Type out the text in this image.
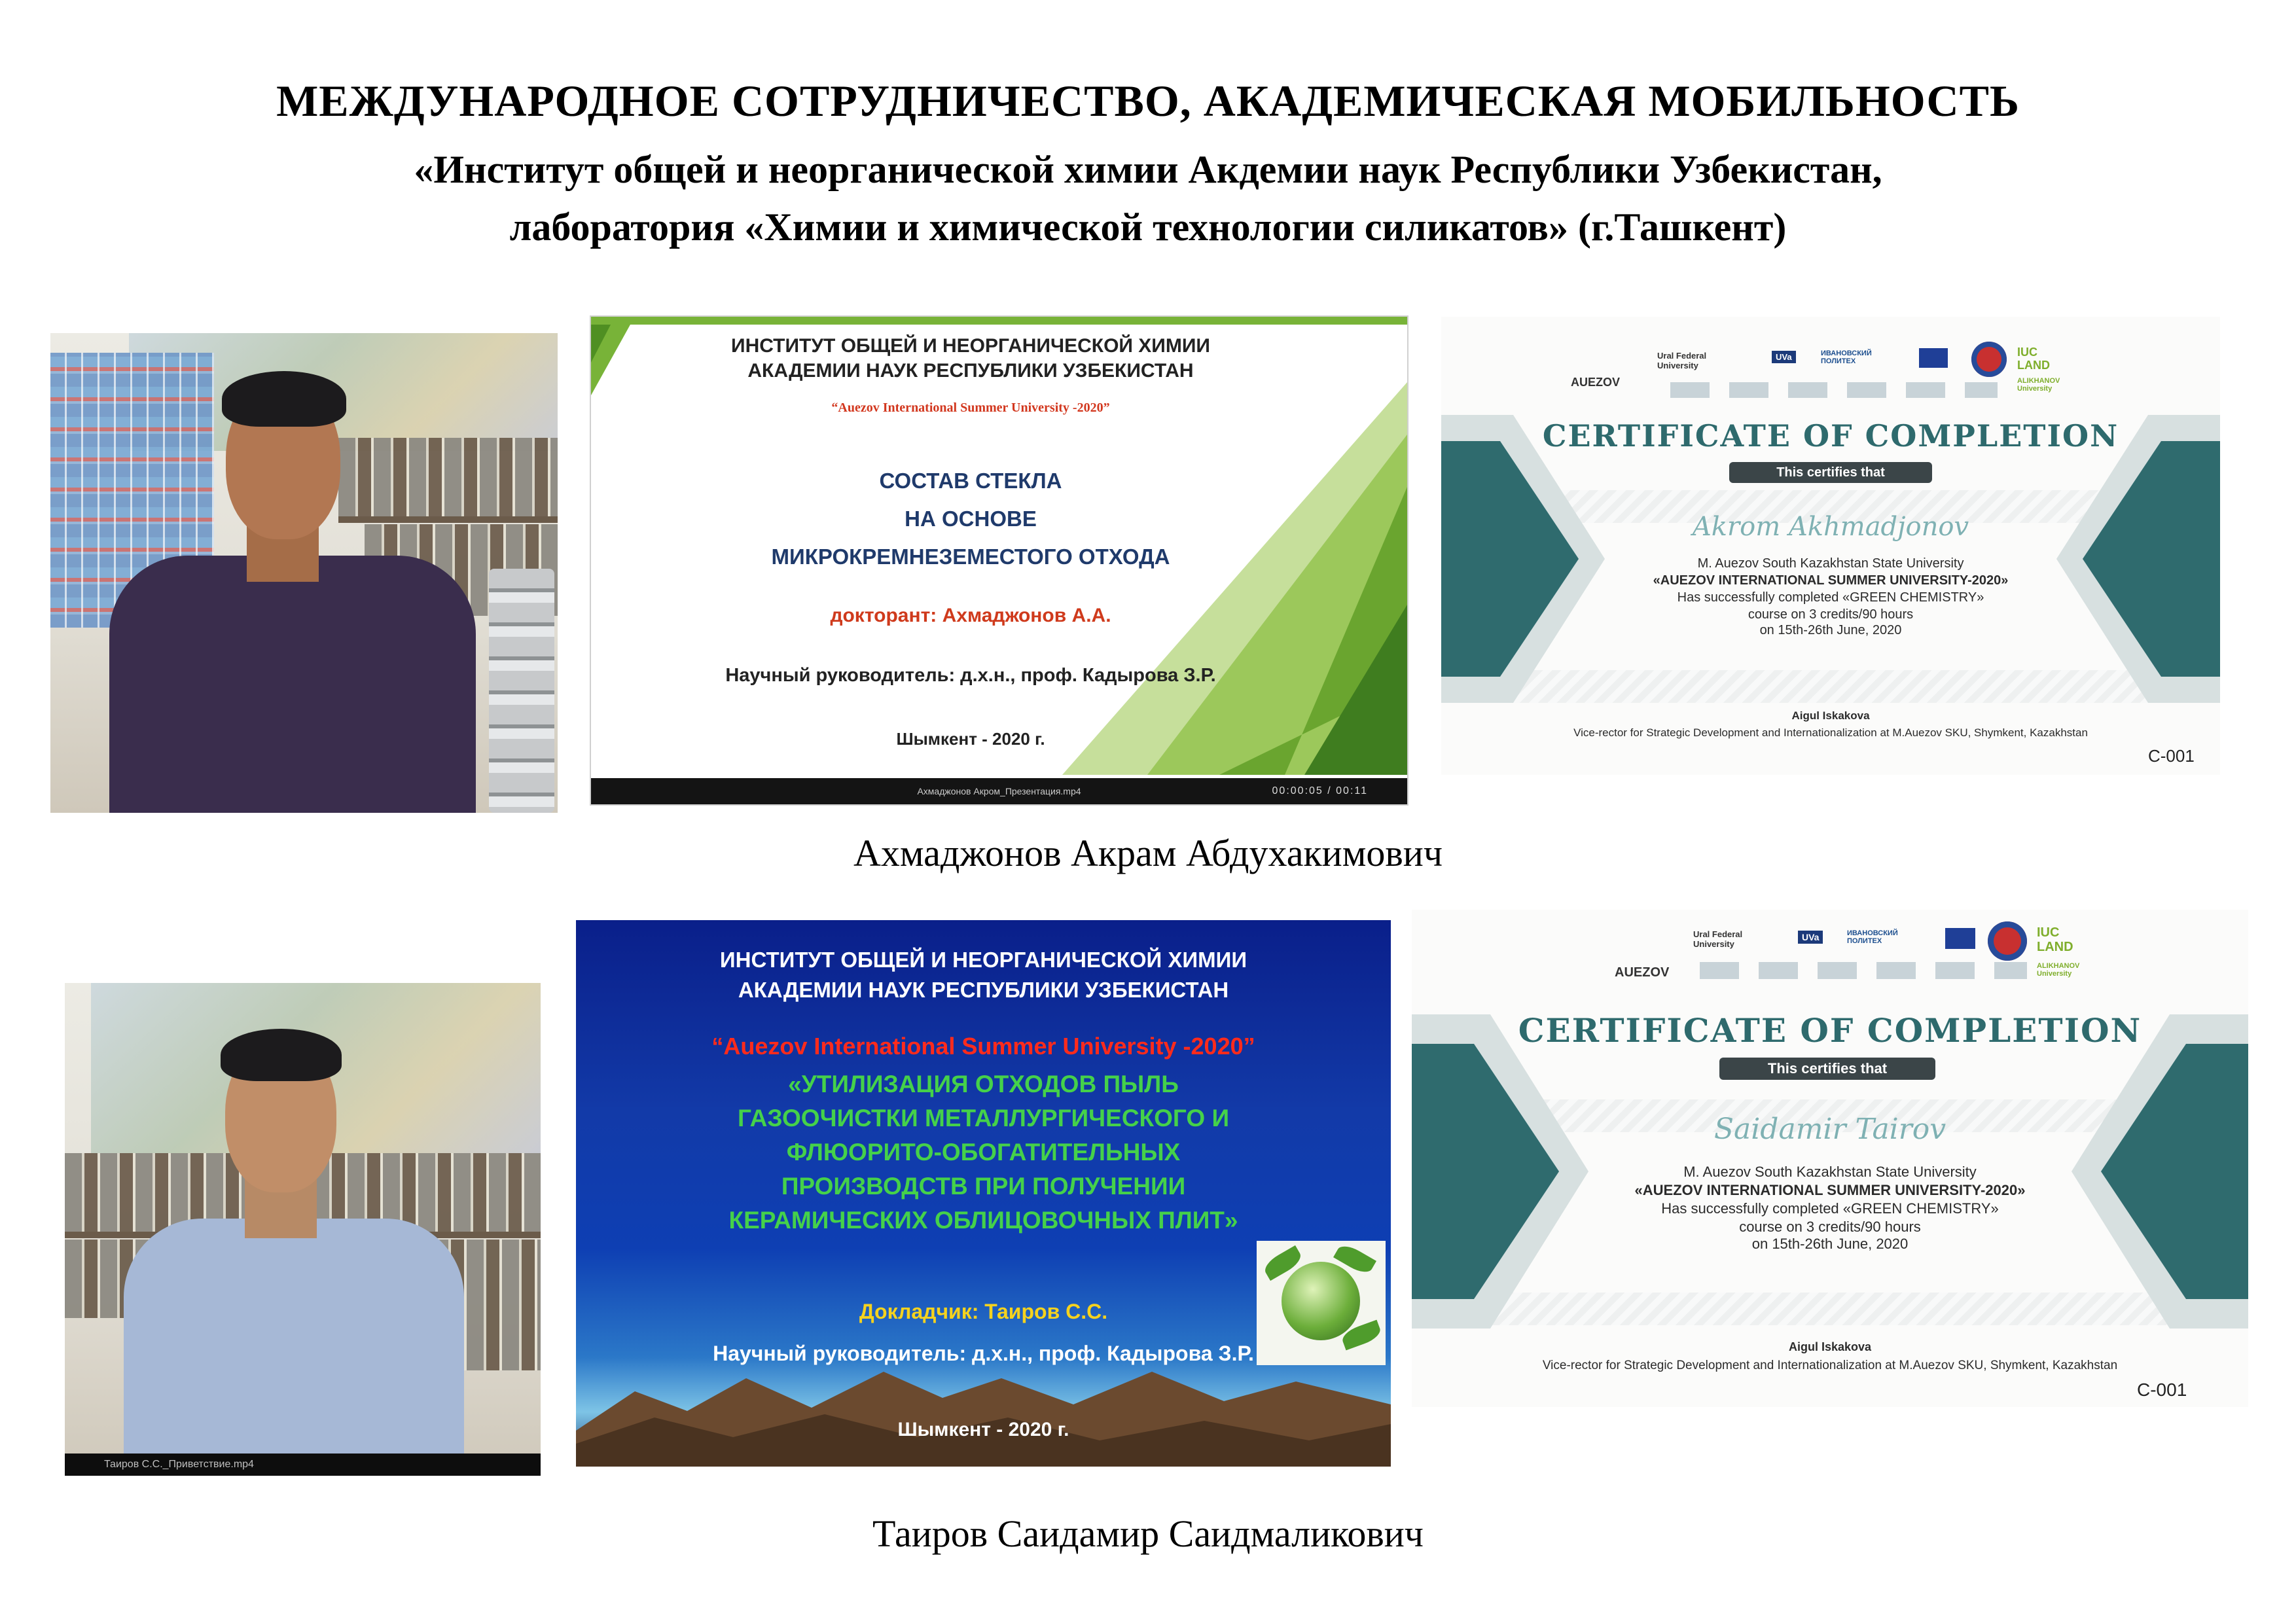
МЕЖДУНАРОДНОЕ СОТРУДНИЧЕСТВО, АКАДЕМИЧЕСКАЯ МОБИЛЬНОСТЬ
«Институт общей и неорганической химии Акдемии наук Республики Узбекистан,
лаборатория «Химии и химической технологии силикатов» (г.Ташкент)
ИНСТИТУТ ОБЩЕЙ И НЕОРГАНИЧЕСКОЙ ХИМИИ
АКАДЕМИИ НАУК РЕСПУБЛИКИ УЗБЕКИСТАН
“Auezov International Summer University -2020”
СОСТАВ СТЕКЛА
НА ОСНОВЕ
МИКРОКРЕМНЕЗЕМЕСТОГО ОТХОДА
докторант: Ахмаджонов А.А.
Научный руководитель: д.х.н., проф. Кадырова З.Р.
Шымкент - 2020 г.
Ахмаджонов Акром_Презентация.mp4	00:00:05 / 00:11
AUEZOV
Ural Federal University
UVa	ИВАНОВСКИЙ ПОЛИТЕХ
IUC LAND
ALIKHANOV University
CERTIFICATE OF COMPLETION
This certifies that
Akrom Akhmadjonov
M. Auezov South Kazakhstan State University
«AUEZOV INTERNATIONAL SUMMER UNIVERSITY-2020»
Has successfully completed «GREEN CHEMISTRY»
course on 3 credits/90 hours
on 15th-26th June, 2020
Aigul Iskakova
Vice-rector for Strategic Development and Internationalization at M.Auezov SKU, Shymkent, Kazakhstan
C-001
Ахмаджонов Акрам Абдухакимович
Таиров С.С._Приветствие.mp4
ИНСТИТУТ ОБЩЕЙ И НЕОРГАНИЧЕСКОЙ ХИМИИ
АКАДЕМИИ НАУК РЕСПУБЛИКИ УЗБЕКИСТАН
“Auezov International Summer University -2020”
«УТИЛИЗАЦИЯ ОТХОДОВ ПЫЛЬ
ГАЗООЧИСТКИ МЕТАЛЛУРГИЧЕСКОГО И
ФЛЮОРИТО-ОБОГАТИТЕЛЬНЫХ
ПРОИЗВОДСТВ ПРИ ПОЛУЧЕНИИ
КЕРАМИЧЕСКИХ ОБЛИЦОВОЧНЫХ ПЛИТ»
Докладчик: Таиров С.С.
Научный руководитель: д.х.н., проф. Кадырова З.Р.
Шымкент - 2020 г.
AUEZOV
Ural Federal University
UVa	ИВАНОВСКИЙ ПОЛИТЕХ
IUC LAND
ALIKHANOV University
CERTIFICATE OF COMPLETION
This certifies that
Saidamir Tairov
M. Auezov South Kazakhstan State University
«AUEZOV INTERNATIONAL SUMMER UNIVERSITY-2020»
Has successfully completed «GREEN CHEMISTRY»
course on 3 credits/90 hours
on 15th-26th June, 2020
Aigul Iskakova
Vice-rector for Strategic Development and Internationalization at M.Auezov SKU, Shymkent, Kazakhstan
C-001
Таиров Саидамир Саидмаликович
